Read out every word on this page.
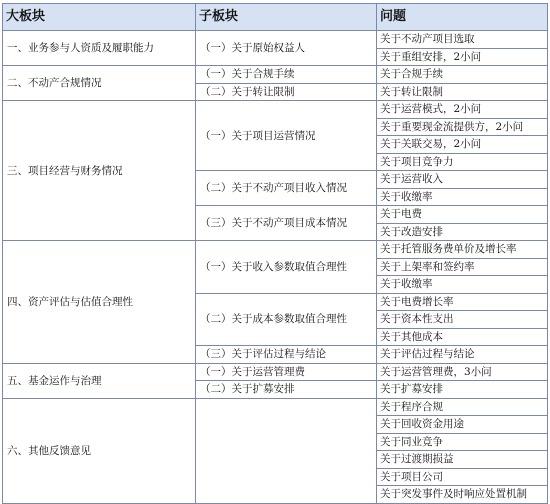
大板块	子板块	问题
一、业务参与人资质及履职能力	（一）关于原始权益人	关于不动产项目选取
		关于重组安排，2小问
二、不动产合规情况	（一）关于合规手续	关于合规手续
	（二）关于转让限制	关于转让限制
三、项目经营与财务情况	（一）关于项目运营情况	关于运营模式，2小问
		关于重要现金流提供方，2小问
		关于关联交易，2小问
		关于项目竞争力
	（二）关于不动产项目收入情况	关于运营收入
		关于收缴率
	（三）关于不动产项目成本情况	关于电费
		关于改造安排
四、资产评估与估值合理性	（一）关于收入参数取值合理性	关于托管服务费单价及增长率
		关于上架率和签约率
		关于收缴率
	（二）关于成本参数取值合理性	关于电费增长率
		关于资本性支出
		关于其他成本
	（三）关于评估过程与结论	关于评估过程与结论
五、基金运作与治理	（一）关于运营管理费	关于运营管理费，3小问
	（二）关于扩募安排	关于扩募安排
六、其他反馈意见		关于程序合规
		关于回收资金用途
		关于同业竞争
		关于过渡期损益
		关于项目公司
		关于突发事件及时响应处置机制
